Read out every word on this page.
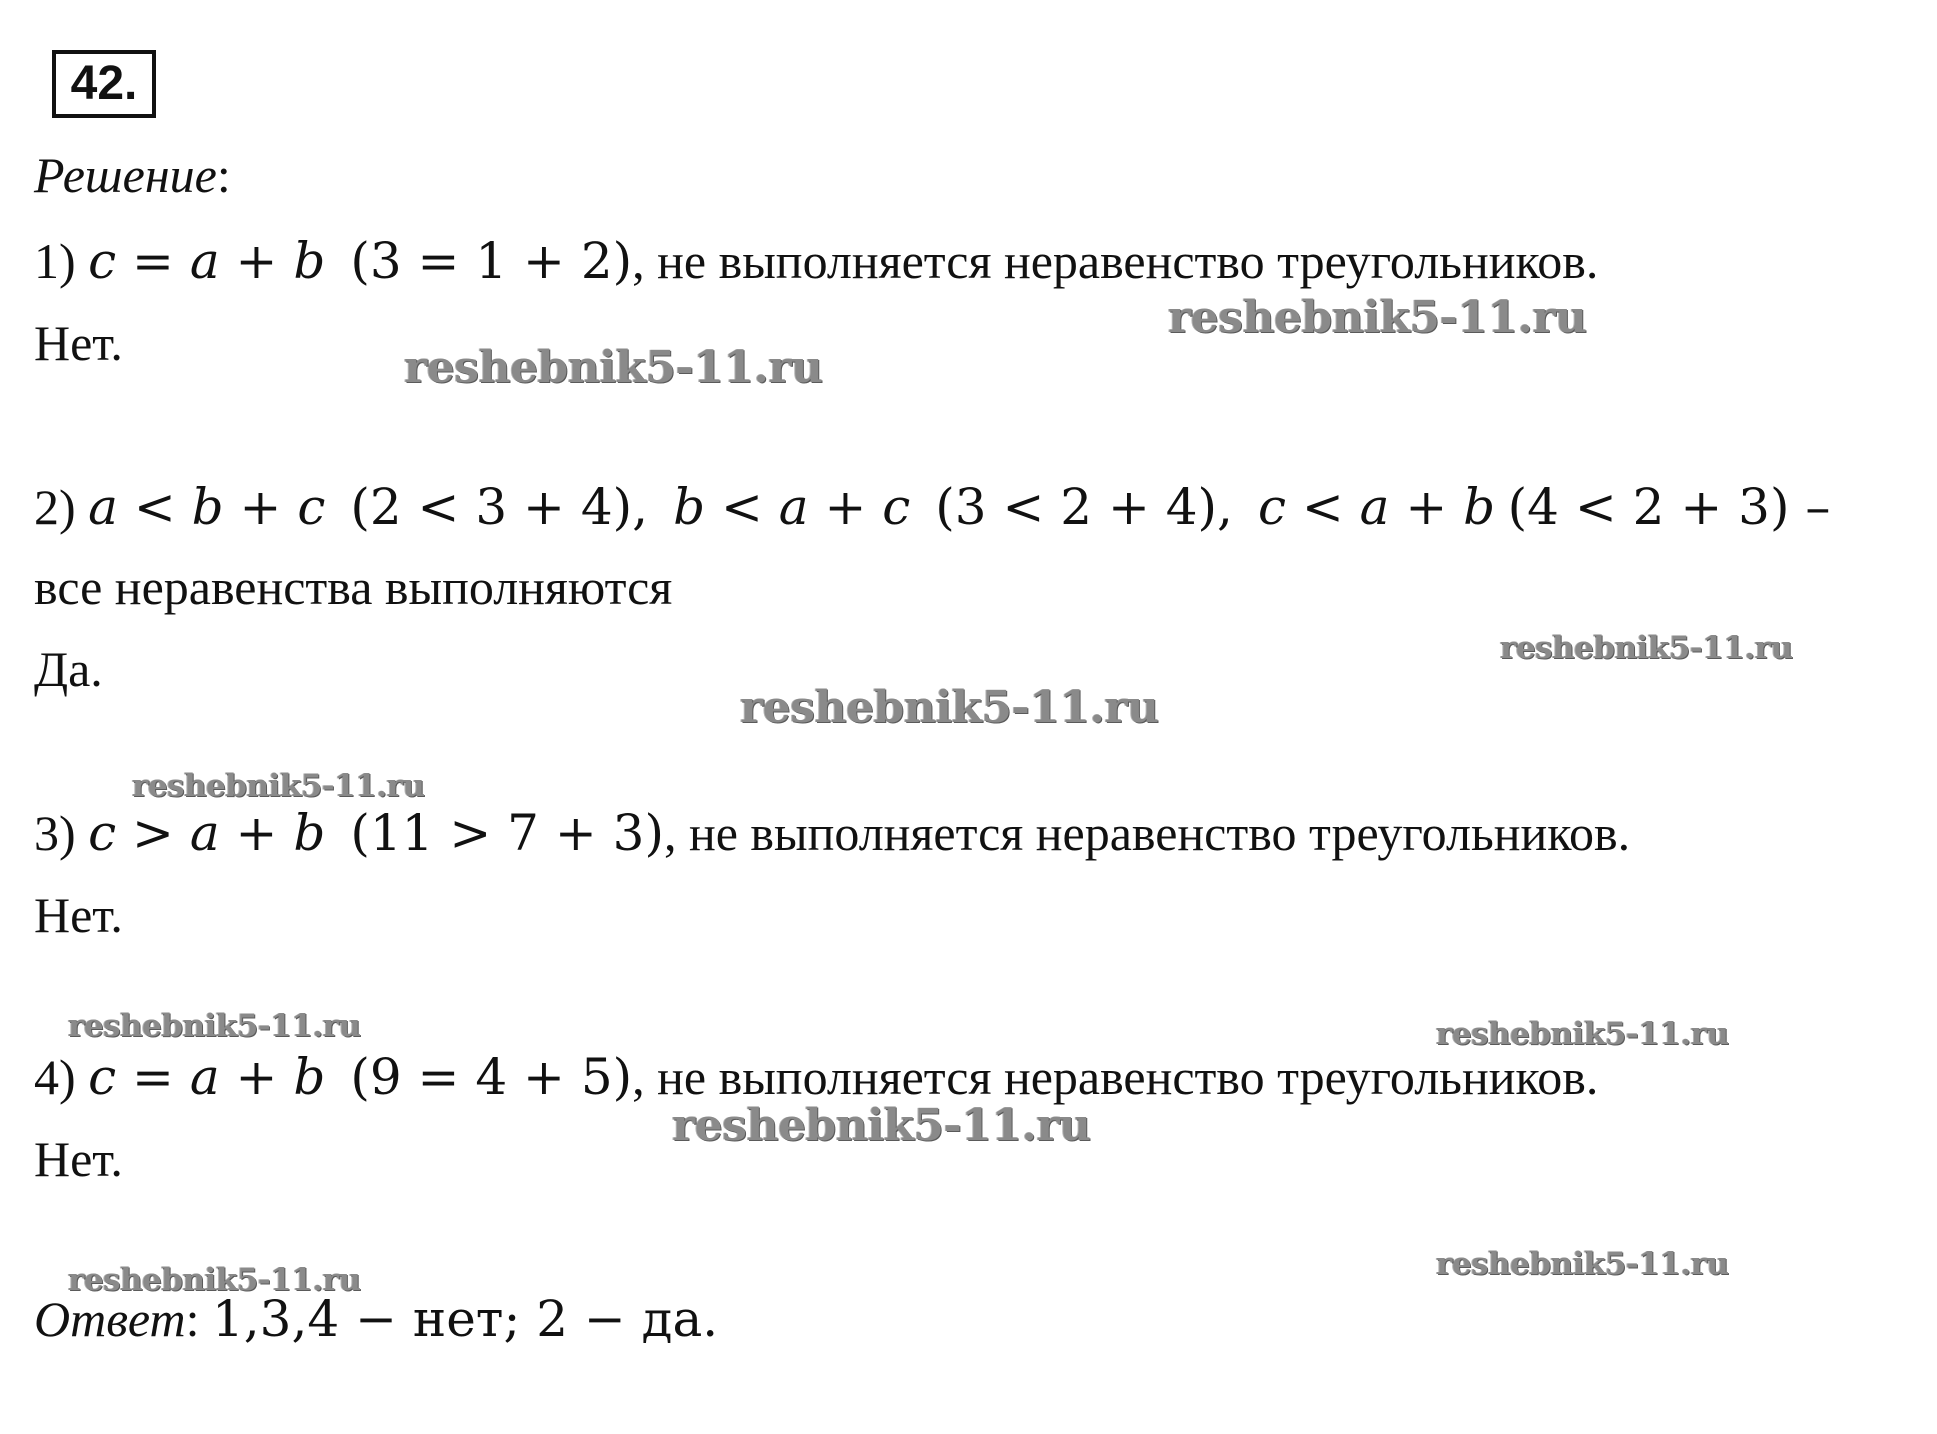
42.
Решение:
1) c = a + b (3 = 1 + 2), не выполняется неравенство треугольников.
Нет.
2) a < b + c (2 < 3 + 4), b < a + c (3 < 2 + 4), c < a + b (4 < 2 + 3) –
все неравенства выполняются
Да.
3) c > a + b (11 > 7 + 3), не выполняется неравенство треугольников.
Нет.
4) c = a + b (9 = 4 + 5), не выполняется неравенство треугольников.
Нет.
Ответ: 1,3,4 − нет; 2 − да.
reshebnik5-11.ru
reshebnik5-11.ru
reshebnik5-11.ru
reshebnik5-11.ru
reshebnik5-11.ru
reshebnik5-11.ru	reshebnik5-11.ru
reshebnik5-11.ru
reshebnik5-11.ru	reshebnik5-11.ru
